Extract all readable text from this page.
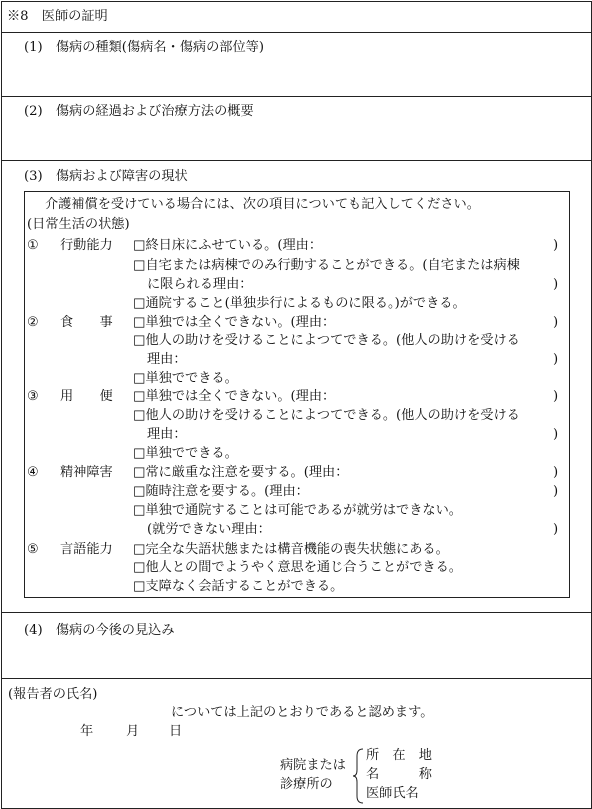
※8　医師の証明
(1)　傷病の種類(傷病名・傷病の部位等)
(2)　傷病の経過および治療方法の概要
(3)　傷病および障害の現状
介護補償を受けている場合には、次の項目についても記入してください。
(日常生活の状態)
① 行動能力
② 食　　事
③ 用　　便
④ 精神障害
⑤ 言語能力
□終日床にふせている。(理由：
□自宅または病棟でのみ行動することができる。(自宅または病棟
に限られる理由：
□通院すること(単独歩行によるものに限る。)ができる。
□単独では全くできない。(理由：
□他人の助けを受けることによつてできる。(他人の助けを受ける
理由：
□単独でできる。
□単独では全くできない。(理由：
□他人の助けを受けることによつてできる。(他人の助けを受ける
理由：
□単独でできる。
□常に厳重な注意を要する。(理由：
□随時注意を要する。(理由：
□単独で通院することは可能であるが就労はできない。
(就労できない理由：
□完全な失語状態または構音機能の喪失状態にある。
□他人との間でようやく意思を通じ合うことができる。
□支障なく会話することができる。
)
)
)
)
)
)
)
)
)
(4)　傷病の今後の見込み
(報告者の氏名)
については上記のとおりであると認めます。
年 月 日
病院または
診療所の
所　在　地
名　　　称
医師氏名
